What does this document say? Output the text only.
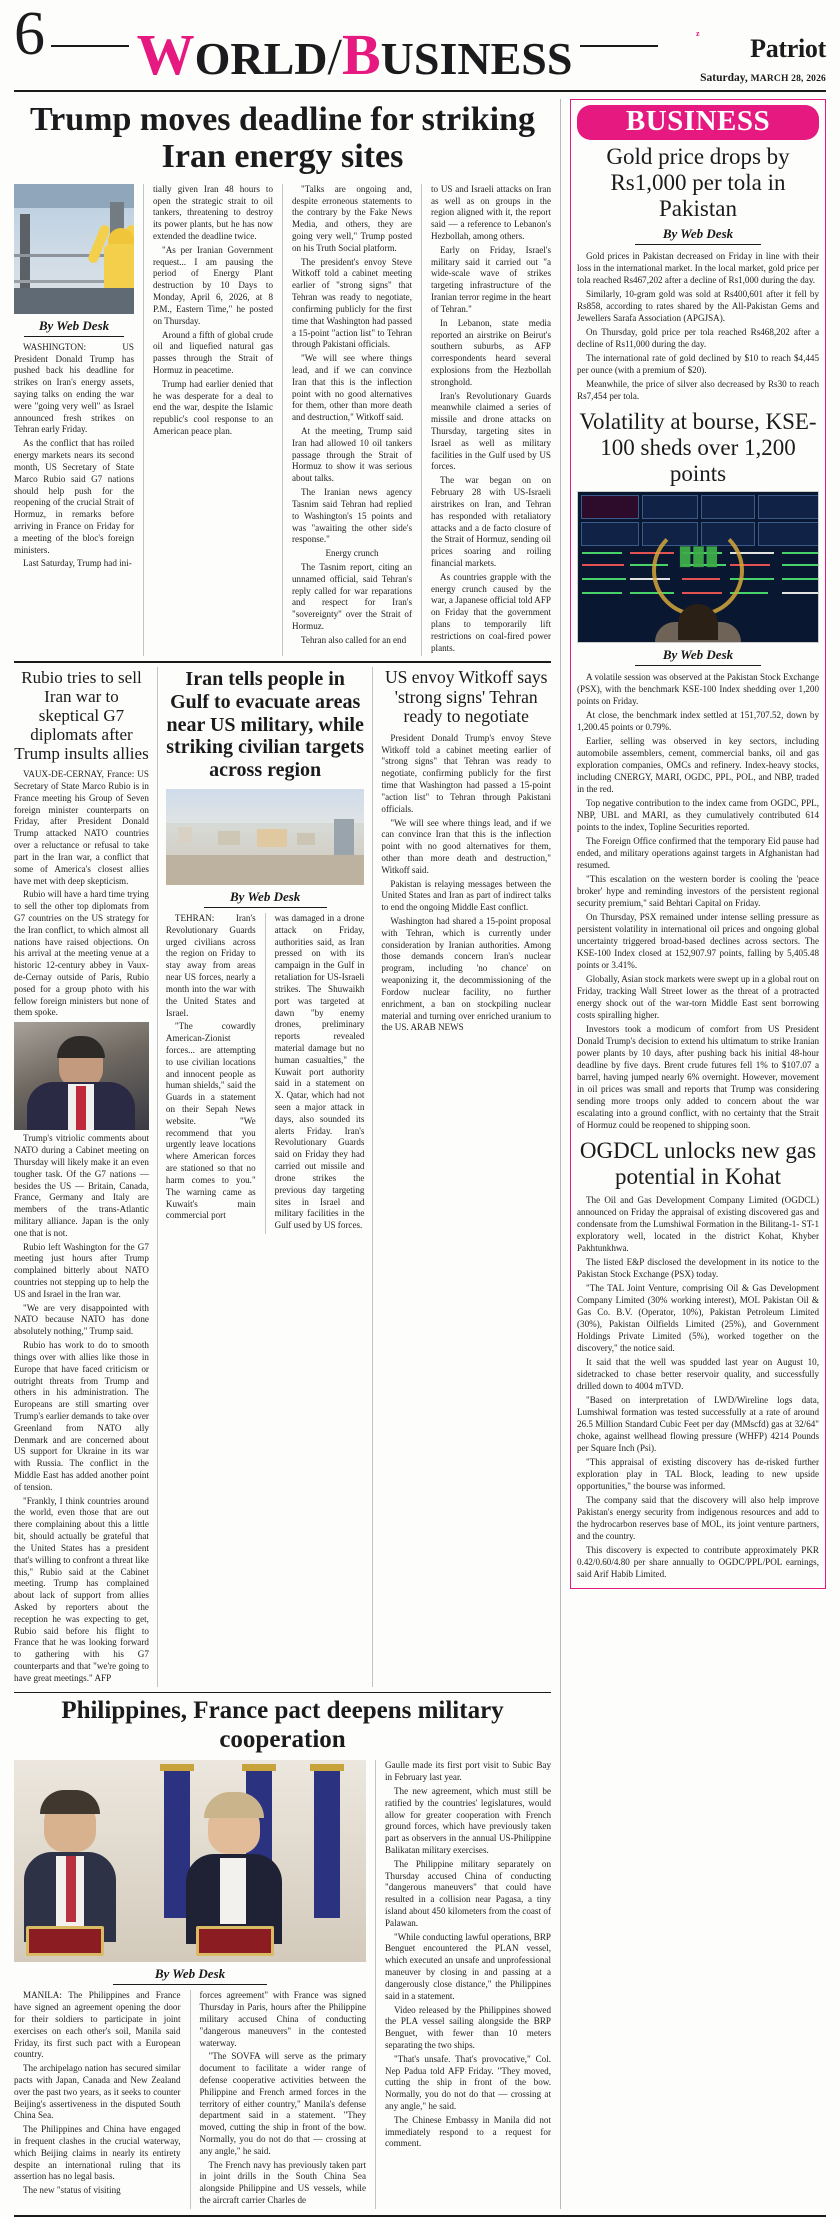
6 WORLD/BUSINESS	z
Patriot
Saturday, MARCH 28, 2026
Trump moves deadline for striking Iran energy sites
By Web Desk

WASHINGTON: US President Donald Trump has pushed back his deadline for strikes on Iran's energy assets, saying talks on ending the war were "going very well" as Israel announced fresh strikes on Tehran early Friday.

As the conflict that has roiled energy markets nears its second month, US Secretary of State Marco Rubio said G7 nations should help push for the reopening of the crucial Strait of Hormuz, in remarks before arriving in France on Friday for a meeting of the bloc's foreign ministers.

Last Saturday, Trump had ini-

tially given Iran 48 hours to open the strategic strait to oil tankers, threatening to destroy its power plants, but he has now extended the deadline twice.

"As per Iranian Government request... I am pausing the period of Energy Plant destruction by 10 Days to Monday, April 6, 2026, at 8 P.M., Eastern Time," he posted on Thursday.

Around a fifth of global crude oil and liquefied natural gas passes through the Strait of Hormuz in peacetime.

Trump had earlier denied that he was desperate for a deal to end the war, despite the Islamic republic's cool response to an American peace plan.

"Talks are ongoing and, despite erroneous statements to the contrary by the Fake News Media, and others, they are going very well," Trump posted on his Truth Social platform.

The president's envoy Steve Witkoff told a cabinet meeting earlier of "strong signs" that Tehran was ready to negotiate, confirming publicly for the first time that Washington had passed a 15-point "action list" to Tehran through Pakistani officials.

"We will see where things lead, and if we can convince Iran that this is the inflection point with no good alternatives for them, other than more death and destruction," Witkoff said.

At the meeting, Trump said Iran had allowed 10 oil tankers passage through the Strait of Hormuz to show it was serious about talks.

The Iranian news agency Tasnim said Tehran had replied to Washington's 15 points and was "awaiting the other side's response."

Energy crunch

The Tasnim report, citing an unnamed official, said Tehran's reply called for war reparations and respect for Iran's "sovereignty" over the Strait of Hormuz.

Tehran also called for an end

to US and Israeli attacks on Iran as well as on groups in the region aligned with it, the report said — a reference to Lebanon's Hezbollah, among others.

Early on Friday, Israel's military said it carried out "a wide-scale wave of strikes targeting infrastructure of the Iranian terror regime in the heart of Tehran."

In Lebanon, state media reported an airstrike on Beirut's southern suburbs, as AFP correspondents heard several explosions from the Hezbollah stronghold.

Iran's Revolutionary Guards meanwhile claimed a series of missile and drone attacks on Thursday, targeting sites in Israel as well as military facilities in the Gulf used by US forces.

The war began on on February 28 with US-Israeli airstrikes on Iran, and Tehran has responded with retaliatory attacks and a de facto closure of the Strait of Hormuz, sending oil prices soaring and roiling financial markets.

As countries grapple with the energy crunch caused by the war, a Japanese official told AFP on Friday that the government plans to temporarily lift restrictions on coal-fired power plants.

Rubio tries to sell Iran war to skeptical G7 diplomats after Trump insults allies

VAUX-DE-CERNAY, France: US Secretary of State Marco Rubio is in France meeting his Group of Seven foreign minister counterparts on Friday, after President Donald Trump attacked NATO countries over a reluctance or refusal to take part in the Iran war, a conflict that some of America's closest allies have met with deep skepticism.

Rubio will have a hard time trying to sell the other top diplomats from G7 countries on the US strategy for the Iran conflict, to which almost all nations have raised objections. On his arrival at the meeting venue at a historic 12-century abbey in Vaux-de-Cernay outside of Paris, Rubio posed for a group photo with his fellow foreign ministers but none of them spoke.

Trump's vitriolic comments about NATO during a Cabinet meeting on Thursday will likely make it an even tougher task. Of the G7 nations — besides the US — Britain, Canada, France, Germany and Italy are members of the trans-Atlantic military alliance. Japan is the only one that is not.

Rubio left Washington for the G7 meeting just hours after Trump complained bitterly about NATO countries not stepping up to help the US and Israel in the Iran war.

"We are very disappointed with NATO because NATO has done absolutely nothing," Trump said.

Rubio has work to do to smooth things over with allies like those in Europe that have faced criticism or outright threats from Trump and others in his administration. The Europeans are still smarting over Trump's earlier demands to take over Greenland from NATO ally Denmark and are concerned about US support for Ukraine in its war with Russia. The conflict in the Middle East has added another point of tension.

"Frankly, I think countries around the world, even those that are out there complaining about this a little bit, should actually be grateful that the United States has a president that's willing to confront a threat like this," Rubio said at the Cabinet meeting. Trump has complained about lack of support from allies Asked by reporters about the reception he was expecting to get, Rubio said before his flight to France that he was looking forward to gathering with his G7 counterparts and that "we're going to have great meetings." AFP

Iran tells people in Gulf to evacuate areas near US military, while striking civilian targets across region
By Web Desk

TEHRAN: Iran's Revolutionary Guards urged civilians across the region on Friday to stay away from areas near US forces, nearly a month into the war with the United States and Israel.

"The cowardly American-Zionist forces... are attempting to use civilian locations and innocent people as human shields," said the Guards in a statement on their Sepah News website. "We recommend that you urgently leave locations where American forces are stationed so that no harm comes to you." The warning came as Kuwait's main commercial port

was damaged in a drone attack on Friday, authorities said, as Iran pressed on with its campaign in the Gulf in retaliation for US-Israeli strikes. The Shuwaikh port was targeted at dawn "by enemy drones, preliminary reports revealed material damage but no human casualties," the Kuwait port authority said in a statement on X. Qatar, which had not seen a major attack in days, also sounded its alerts Friday. Iran's Revolutionary Guards said on Friday they had carried out missile and drone strikes the previous day targeting sites in Israel and military facilities in the Gulf used by US forces.

US envoy Witkoff says 'strong signs' Tehran ready to negotiate

President Donald Trump's envoy Steve Witkoff told a cabinet meeting earlier of "strong signs" that Tehran was ready to negotiate, confirming publicly for the first time that Washington had passed a 15-point "action list" to Tehran through Pakistani officials.

"We will see where things lead, and if we can convince Iran that this is the inflection point with no good alternatives for them, other than more death and destruction," Witkoff said.

Pakistan is relaying messages between the United States and Iran as part of indirect talks to end the ongoing Middle East conflict.

Washington had shared a 15-point proposal with Tehran, which is currently under consideration by Iranian authorities. Among those demands concern Iran's nuclear program, including 'no chance' on weaponizing it, the decommissioning of the Fordow nuclear facility, no further enrichment, a ban on stockpiling nuclear material and turning over enriched uranium to the US. ARAB NEWS

Philippines, France pact deepens military cooperation
By Web Desk

MANILA: The Philippines and France have signed an agreement opening the door for their soldiers to participate in joint exercises on each other's soil, Manila said Friday, its first such pact with a European country.

The archipelago nation has secured similar pacts with Japan, Canada and New Zealand over the past two years, as it seeks to counter Beijing's assertiveness in the disputed South China Sea.

The Philippines and China have engaged in frequent clashes in the crucial waterway, which Beijing claims in nearly its entirety despite an international ruling that its assertion has no legal basis.

The new "status of visiting

forces agreement" with France was signed Thursday in Paris, hours after the Philippine military accused China of conducting "dangerous maneuvers" in the contested waterway.

"The SOVFA will serve as the primary document to facilitate a wider range of defense cooperative activities between the Philippine and French armed forces in the territory of either country," Manila's defense department said in a statement. "They moved, cutting the ship in front of the bow. Normally, you do not do that — crossing at any angle," he said.

The French navy has previously taken part in joint drills in the South China Sea alongside Philippine and US vessels, while the aircraft carrier Charles de

Gaulle made its first port visit to Subic Bay in February last year.

The new agreement, which must still be ratified by the countries' legislatures, would allow for greater cooperation with French ground forces, which have previously taken part as observers in the annual US-Philippine Balikatan military exercises.

The Philippine military separately on Thursday accused China of conducting "dangerous maneuvers" that could have resulted in a collision near Pagasa, a tiny island about 450 kilometers from the coast of Palawan.

"While conducting lawful operations, BRP Benguet encountered the PLAN vessel, which executed an unsafe and unprofessional maneuver by closing in and passing at a dangerously close distance," the Philippines said in a statement.

Video released by the Philippines showed the PLA vessel sailing alongside the BRP Benguet, with fewer than 10 meters separating the two ships.

"That's unsafe. That's provocative," Col. Nep Padua told AFP Friday. "They moved, cutting the ship in front of the bow. Normally, you do not do that — crossing at any angle," he said.

The Chinese Embassy in Manila did not immediately respond to a request for comment.

BUSINESS
Gold price drops by Rs1,000 per tola in Pakistan
By Web Desk

Gold prices in Pakistan decreased on Friday in line with their loss in the international market. In the local market, gold price per tola reached Rs467,202 after a decline of Rs1,000 during the day.

Similarly, 10-gram gold was sold at Rs400,601 after it fell by Rs858, according to rates shared by the All-Pakistan Gems and Jewellers Sarafa Association (APGJSA).

On Thursday, gold price per tola reached Rs468,202 after a decline of Rs11,000 during the day.

The international rate of gold declined by $10 to reach $4,445 per ounce (with a premium of $20).

Meanwhile, the price of silver also decreased by Rs30 to reach Rs7,454 per tola.

Volatility at bourse, KSE-100 sheds over 1,200 points
▮▮▮
By Web Desk

A volatile session was observed at the Pakistan Stock Exchange (PSX), with the benchmark KSE-100 Index shedding over 1,200 points on Friday.

At close, the benchmark index settled at 151,707.52, down by 1,200.45 points or 0.79%.

Earlier, selling was observed in key sectors, including automobile assemblers, cement, commercial banks, oil and gas exploration companies, OMCs and refinery. Index-heavy stocks, including CNERGY, MARI, OGDC, PPL, POL, and NBP, traded in the red.

Top negative contribution to the index came from OGDC, PPL, NBP, UBL and MARI, as they cumulatively contributed 614 points to the index, Topline Securities reported.

The Foreign Office confirmed that the temporary Eid pause had ended, and military operations against targets in Afghanistan had resumed.

"This escalation on the western border is cooling the 'peace broker' hype and reminding investors of the persistent regional security premium," said Behtari Capital on Friday.

On Thursday, PSX remained under intense selling pressure as persistent volatility in international oil prices and ongoing global uncertainty triggered broad-based declines across sectors. The KSE-100 Index closed at 152,907.97 points, falling by 5,405.48 points or 3.41%.

Globally, Asian stock markets were swept up in a global rout on Friday, tracking Wall Street lower as the threat of a protracted energy shock out of the war-torn Middle East sent borrowing costs spiralling higher.

Investors took a modicum of comfort from US President Donald Trump's decision to extend his ultimatum to strike Iranian power plants by 10 days, after pushing back his initial 48-hour deadline by five days. Brent crude futures fell 1% to $107.07 a barrel, having jumped nearly 6% overnight. However, movement in oil prices was small and reports that Trump was considering sending more troops only added to concern about the war escalating into a ground conflict, with no certainty that the Strait of Hormuz could be reopened to shipping soon.

OGDCL unlocks new gas potential in Kohat

The Oil and Gas Development Company Limited (OGDCL) announced on Friday the appraisal of existing discovered gas and condensate from the Lumshiwal Formation in the Bilitang-1- ST-1 exploratory well, located in the district Kohat, Khyber Pakhtunkhwa.

The listed E&P disclosed the development in its notice to the Pakistan Stock Exchange (PSX) today.

"The TAL Joint Venture, comprising Oil & Gas Development Company Limited (30% working interest), MOL Pakistan Oil & Gas Co. B.V. (Operator, 10%), Pakistan Petroleum Limited (30%), Pakistan Oilfields Limited (25%), and Government Holdings Private Limited (5%), worked together on the discovery," the notice said.

It said that the well was spudded last year on August 10, sidetracked to chase better reservoir quality, and successfully drilled down to 4004 mTVD.

"Based on interpretation of LWD/Wireline logs data, Lumshiwal formation was tested successfully at a rate of around 26.5 Million Standard Cubic Feet per day (MMscfd) gas at 32/64" choke, against wellhead flowing pressure (WHFP) 4214 Pounds per Square Inch (Psi).

"This appraisal of existing discovery has de-risked further exploration play in TAL Block, leading to new upside opportunities," the bourse was informed.

The company said that the discovery will also help improve Pakistan's energy security from indigenous resources and add to the hydrocarbon reserves base of MOL, its joint venture partners, and the country.

This discovery is expected to contribute approximately PKR 0.42/0.60/4.80 per share annually to OGDC/PPL/POL earnings, said Arif Habib Limited.
